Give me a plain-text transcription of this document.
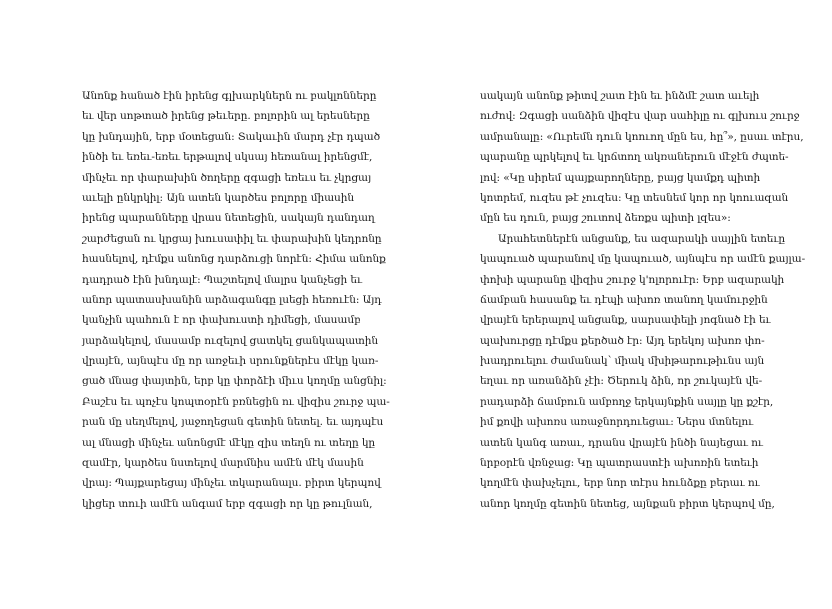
Անոնք հանած էին իրենց գլխարկներն ու բակլոնները
եւ վեր սոթտած իրենց թեւերը. բոլորին ալ երեսները
կը խնդային, երբ մօտեցան: Տակաւին մարդ չէր դպած
ինծի եւ եռեւ-եռեւ երթալով սկսայ հեռանալ իրենցմէ,
մինչեւ որ փարախին ծողերը զգացի եռեւս եւ չկրցայ
աւելի ընկրկիլ: Այն ատեն կարծես բոլորը միասին
իրենց պարանները վրաս նետեցին, սակայն դանդաղ
շարժեցան ու կրցայ խուսափիլ եւ փարախին կեդրոնը
հասնելով, դէմքս անոնց դարձուցի նորէն: Հիմա անոնք
դադրած էին խնդալէ: Պաշտելով մալրս կանչեցի եւ
անոր պատասխանին արձագանգը լսեցի հեռուէն: Այդ
կանչին պահուն է որ փախուստի դիմեցի, մասամբ
յարձակելով, մասամբ ուզելով ցատկել ցանկապատին
վրայէն, այնպէս մը որ առջեւի սրունքներէս մէկը կառ-
ցած մնաց փայտին, երբ կը փորձէի միւս կողմը անցնիլ:
Բաշէս եւ պոչէս կոպտօրէն բռնեցին ու վիզիս շուրջ պա-
րան մը սեղմելով, յաջողեցան գետին նետել. եւ այդպէս
ալ մնացի մինչեւ անոնցմէ մէկը զիս տեղն ու տեղը կը
զամէր, կարծես նստելով մարմնիս ամէն մէկ մասին
վրայ: Պայքարեցայ մինչեւ տկարանալս. բիրտ կերպով
կիցեր տուի ամէն անգամ երբ զգացի որ կը թուլնան,
սակայն անոնք թիտվ շատ էին եւ ինձմէ շատ աւելի
ուժով: Զգացի սանձին վիզէս վար սահիլը ու գլխուս շուրջ
ամրանալը: «Ուրեմն դուն կոուող մըն ես, հը՞», ըսաւ տէրս,
պարանը պրկելով եւ կրճտող ակռաներուն մէջէն ժպտե-
լով: «Կը սիրեմ պայքարողները, բայց կամքդ պիտի
կոտրեմ, ուզես թէ չուզես: Կը տեսնեմ կոր որ կոուազան
մըն ես դուն, բայց շուտով ձեռքս պիտի լզես»:
Արահետներէն անցանք, ես ազարակի սայլին ետեւը
կապուած պարանով մը կապուած, այնպէս որ ամէն քայլա-
փոխի պարանը վիզիս շուրջ կ'ոլորուէր: Երբ ազարակի
ճամբան հասանք եւ դէպի ախոռ տանող կամուրջին
վրայէն երերալով անցանք, սարսափելի յոգնած էի եւ
պախուրցը դէմքս քերծած էր: Այդ երեկոյ ախոռ փո-
խադրուելու ժամանակ՝ միակ մխիթարութիւնս այն
եղաւ որ առանձին չէի: Ծերուկ ձին, որ շուկայէն վե-
րադարձի ճամբուն ամբողջ երկայնքին սայլը կը քշէր,
իմ քովի ախոռս առաջնորդուեցաւ: Ներս մտնելու
ատեն կանգ առաւ, դրանս վրայէն ինծի նայեցաւ ու
նրբօրէն վռնջաց: Կը պատրաստէի ախոռին ետեւի
կողմէն փախչելու, երբ նոր տէրս հունձքը բերաւ ու
անոր կողմը գետին նետեց, այնքան բիրտ կերպով մը,
